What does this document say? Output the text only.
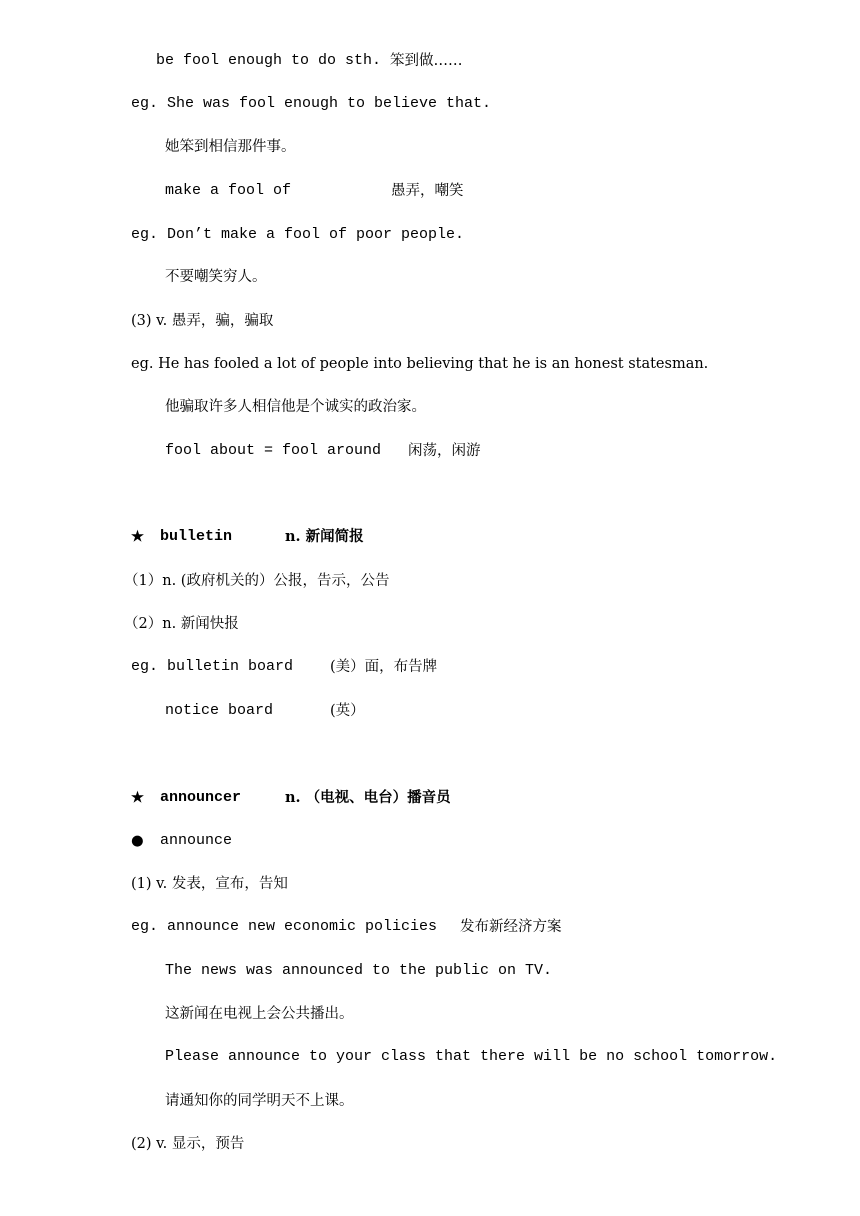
be fool enough to do sth.

笨到做……

eg. She was fool enough to believe that.
她笨到相信那件事。

make a fool of

	愚弄，嘲笑

eg. Don’t make a fool of poor people.
不要嘲笑穷人。
(3) v. 愚弄，骗，骗取
eg. He has fooled a lot of people into believing that he is an honest statesman.
他骗取许多人相信他是个诚实的政治家。

fool about = fool around

闲荡，闲游

★

bulletin

	n. 新闻简报

（1）n. (政府机关的）公报，告示，公告
（2）n. 新闻快报

eg. bulletin board

	(美）面，布告牌

notice board

	(英）

★

announcer

	n. （电视、电台）播音员

●

announce

(1) v. 发表，宣布，告知

eg. announce new economic policies

发布新经济方案

The news was announced to the public on TV.
这新闻在电视上会公共播出。
Please announce to your class that there will be no school tomorrow.
请通知你的同学明天不上课。
(2) v. 显示，预告
